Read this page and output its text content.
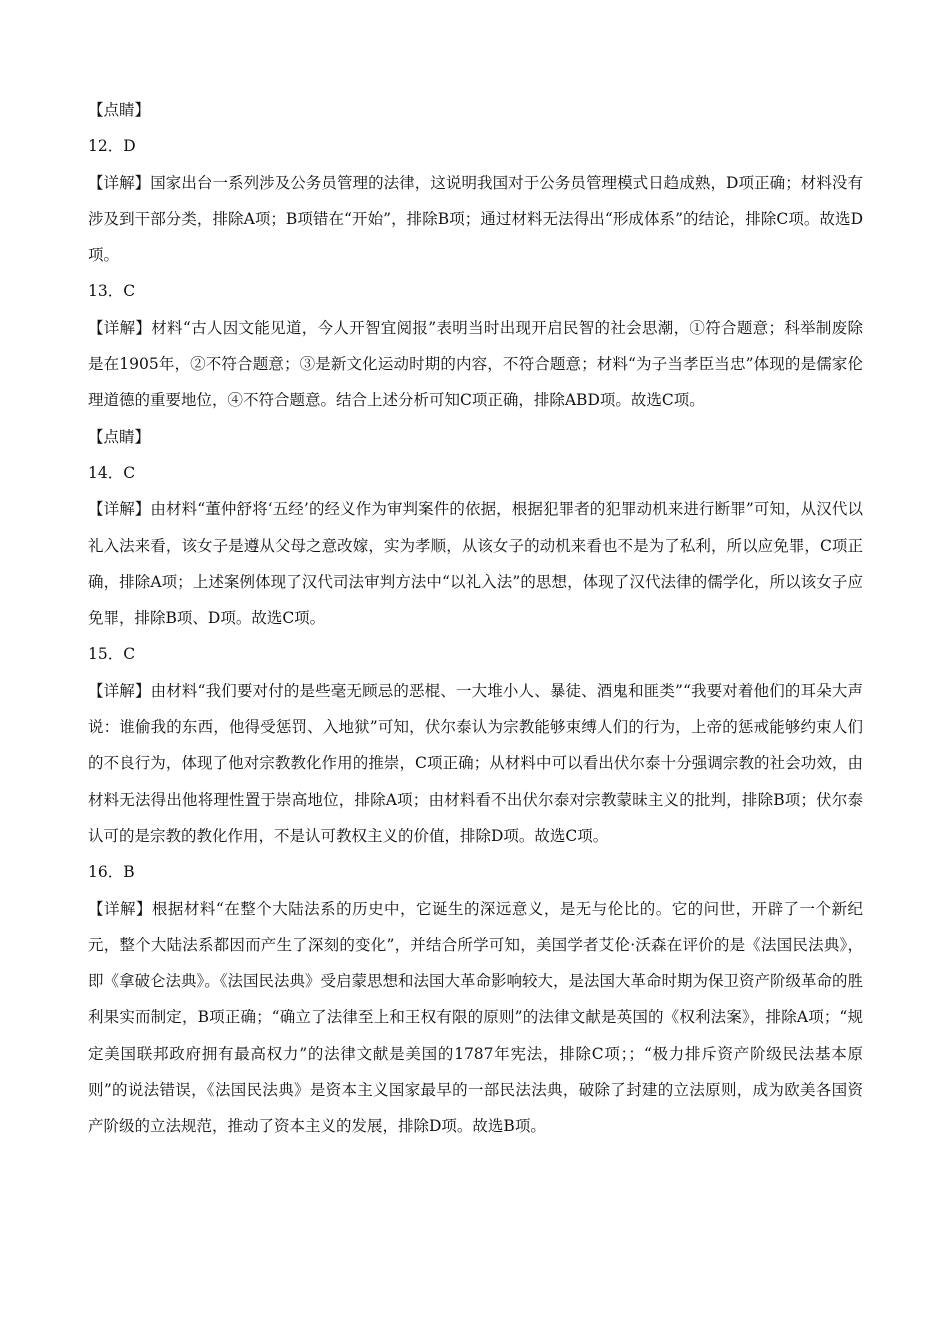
【点睛】

12．D

【详解】国家出台一系列涉及公务员管理的法律，这说明我国对于公务员管理模式日趋成熟，D项正确；材料没有涉及到干部分类，排除A项；B项错在“开始”，排除B项；通过材料无法得出“形成体系”的结论，排除C项。故选D项。

13．C

【详解】材料“古人因文能见道，今人开智宜阅报”表明当时出现开启民智的社会思潮，①符合题意；科举制废除是在1905年，②不符合题意；③是新文化运动时期的内容，不符合题意；材料“为子当孝臣当忠”体现的是儒家伦理道德的重要地位，④不符合题意。结合上述分析可知C项正确，排除ABD项。故选C项。

【点睛】

14．C

【详解】由材料“董仲舒将‘五经’的经义作为审判案件的依据，根据犯罪者的犯罪动机来进行断罪”可知，从汉代以礼入法来看，该女子是遵从父母之意改嫁，实为孝顺，从该女子的动机来看也不是为了私利，所以应免罪，C项正确，排除A项；上述案例体现了汉代司法审判方法中“以礼入法”的思想，体现了汉代法律的儒学化，所以该女子应免罪，排除B项、D项。故选C项。

15．C

【详解】由材料“我们要对付的是些毫无顾忌的恶棍、一大堆小人、暴徒、酒鬼和匪类”“我要对着他们的耳朵大声说：谁偷我的东西，他得受惩罚、入地狱”可知，伏尔泰认为宗教能够束缚人们的行为，上帝的惩戒能够约束人们的不良行为，体现了他对宗教教化作用的推崇，C项正确；从材料中可以看出伏尔泰十分强调宗教的社会功效，由材料无法得出他将理性置于崇高地位，排除A项；由材料看不出伏尔泰对宗教蒙昧主义的批判，排除B项；伏尔泰认可的是宗教的教化作用，不是认可教权主义的价值，排除D项。故选C项。

16．B

【详解】根据材料“在整个大陆法系的历史中，它诞生的深远意义，是无与伦比的。它的问世，开辟了一个新纪元，整个大陆法系都因而产生了深刻的变化”，并结合所学可知，美国学者艾伦·沃森在评价的是《法国民法典》，即《拿破仑法典》。《法国民法典》受启蒙思想和法国大革命影响较大，是法国大革命时期为保卫资产阶级革命的胜利果实而制定，B项正确；“确立了法律至上和王权有限的原则”的法律文献是英国的《权利法案》，排除A项；“规定美国联邦政府拥有最高权力”的法律文献是美国的1787年宪法，排除C项；；“极力排斥资产阶级民法基本原则”的说法错误，《法国民法典》是资本主义国家最早的一部民法法典，破除了封建的立法原则，成为欧美各国资产阶级的立法规范，推动了资本主义的发展，排除D项。故选B项。
